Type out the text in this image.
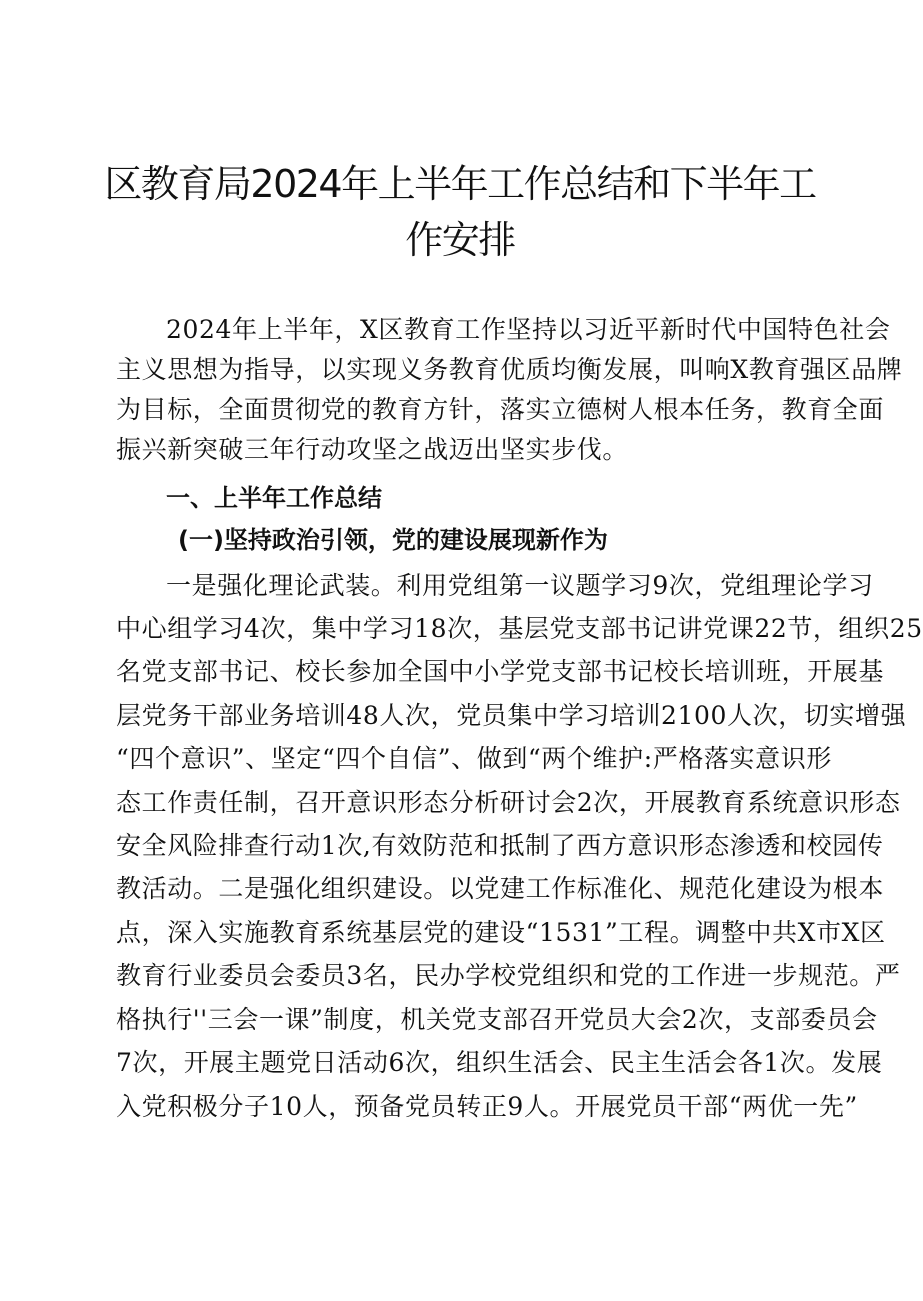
区教育局2024年上半年工作总结和下半年工
作安排
2024年上半年，X区教育工作坚持以习近平新时代中国特色社会
主义思想为指导，以实现义务教育优质均衡发展，叫响X教育强区品牌
为目标，全面贯彻党的教育方针，落实立德树人根本任务，教育全面
振兴新突破三年行动攻坚之战迈出坚实步伐。
一、上半年工作总结
(一)坚持政治引领，党的建设展现新作为
一是强化理论武装。利用党组第一议题学习9次，党组理论学习
中心组学习4次，集中学习18次，基层党支部书记讲党课22节，组织25
名党支部书记、校长参加全国中小学党支部书记校长培训班，开展基
层党务干部业务培训48人次，党员集中学习培训2100人次，切实增强
“四个意识”、坚定“四个自信”、做到“两个维护:严格落实意识形
态工作责任制，召开意识形态分析研讨会2次，开展教育系统意识形态
安全风险排查行动1次,有效防范和抵制了西方意识形态渗透和校园传
教活动。二是强化组织建设。以党建工作标准化、规范化建设为根本
点，深入实施教育系统基层党的建设“1531”工程。调整中共X市X区
教育行业委员会委员3名，民办学校党组织和党的工作进一步规范。严
格执行''三会一课”制度，机关党支部召开党员大会2次，支部委员会
7次，开展主题党日活动6次，组织生活会、民主生活会各1次。发展
入党积极分子10人，预备党员转正9人。开展党员干部“两优一先”
